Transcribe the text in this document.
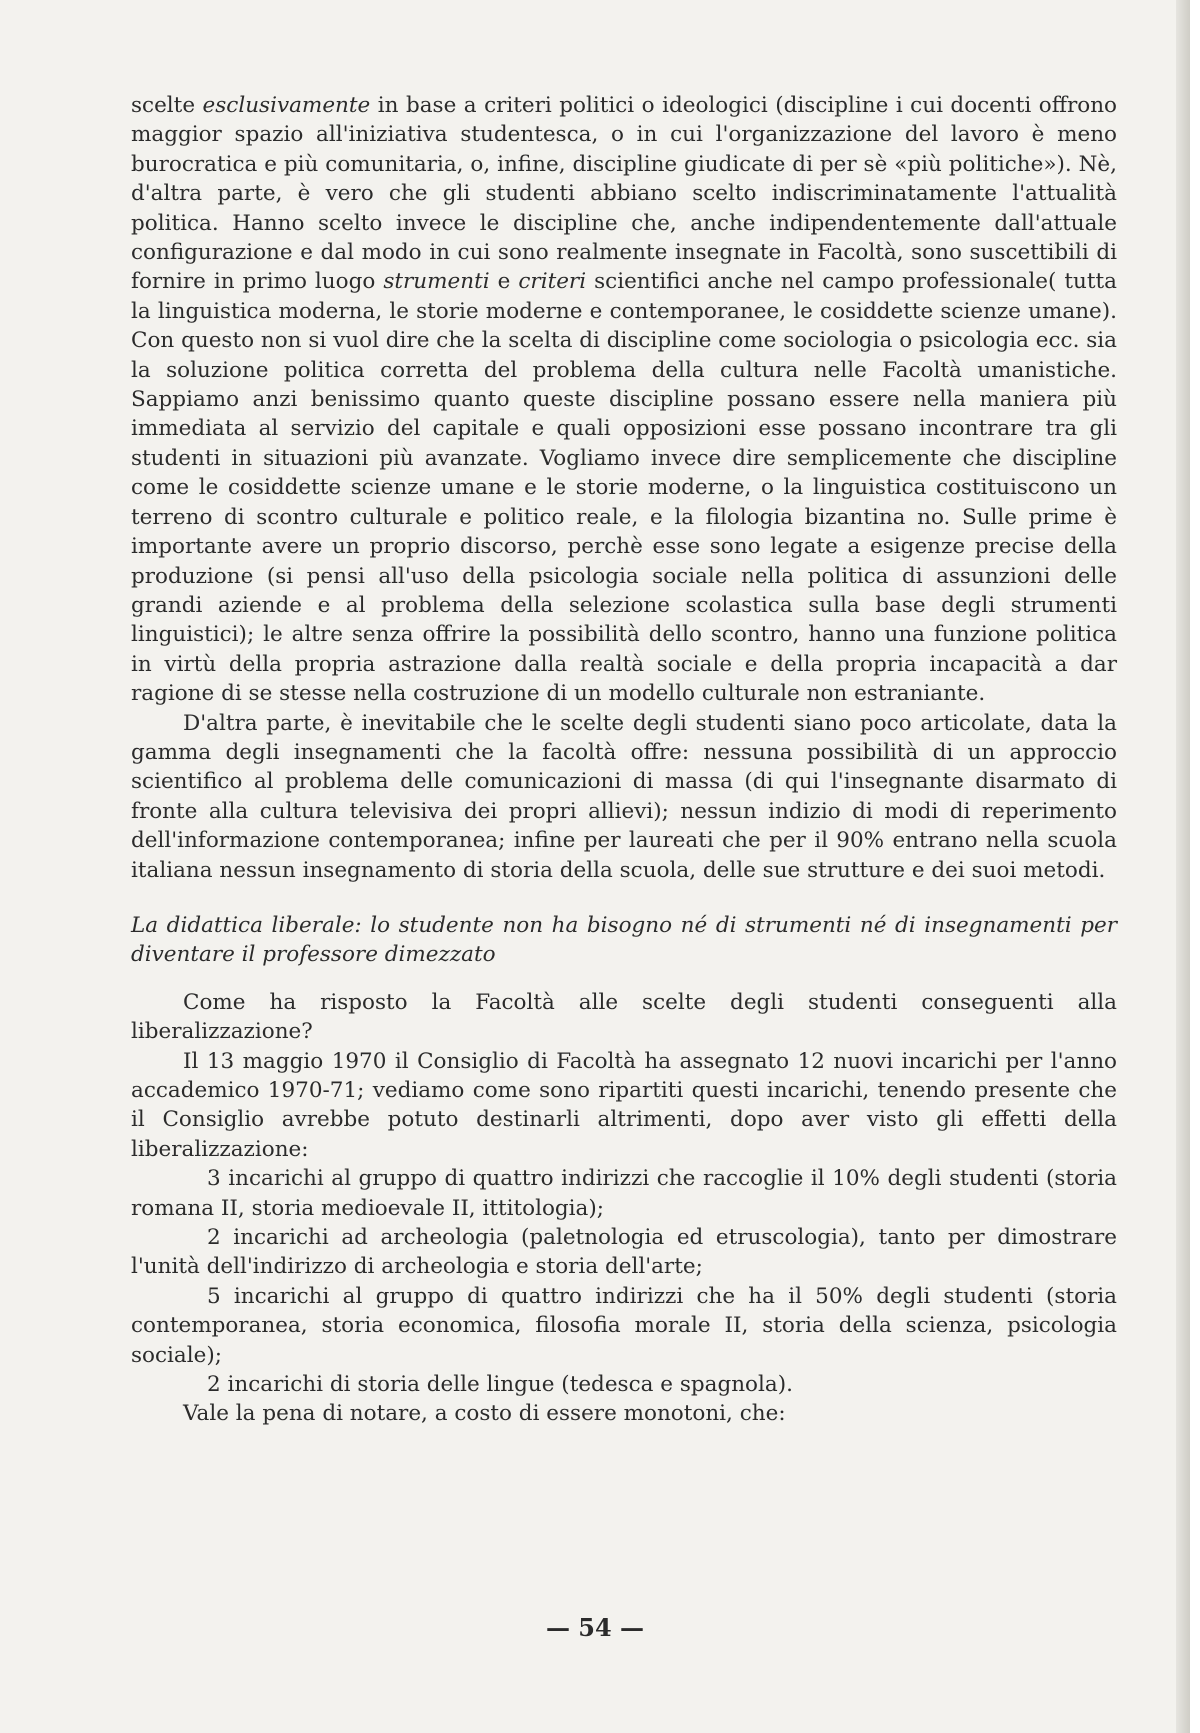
scelte esclusivamente in base a criteri politici o ideologici (discipline i cui docenti offrono maggior spazio all'iniziativa studentesca, o in cui l'organizzazione del lavoro è meno burocratica e più comunitaria, o, infine, discipline giudicate di per sè «più politiche»). Nè, d'altra parte, è vero che gli studenti abbiano scelto indiscriminatamente l'attualità politica. Hanno scelto invece le discipline che, anche indipendentemente dall'attuale configurazione e dal modo in cui sono realmente insegnate in Facoltà, sono suscettibili di fornire in primo luogo strumenti e criteri scientifici anche nel campo professionale( tutta la linguistica moderna, le storie moderne e contemporanee, le cosiddette scienze umane). Con questo non si vuol dire che la scelta di discipline come sociologia o psicologia ecc. sia la soluzione politica corretta del problema della cultura nelle Facoltà umanistiche. Sappiamo anzi benissimo quanto queste discipline possano essere nella maniera più immediata al servizio del capitale e quali opposizioni esse possano incontrare tra gli studenti in situazioni più avanzate. Vogliamo invece dire semplicemente che discipline come le cosiddette scienze umane e le storie moderne, o la linguistica costituiscono un terreno di scontro culturale e politico reale, e la filologia bizantina no. Sulle prime è importante avere un proprio discorso, perchè esse sono legate a esigenze precise della produzione (si pensi all'uso della psicologia sociale nella politica di assunzioni delle grandi aziende e al problema della selezione scolastica sulla base degli strumenti linguistici); le altre senza offrire la possibilità dello scontro, hanno una funzione politica in virtù della propria astrazione dalla realtà sociale e della propria incapacità a dar ragione di se stesse nella costruzione di un modello culturale non estraniante.

D'altra parte, è inevitabile che le scelte degli studenti siano poco articolate, data la gamma degli insegnamenti che la facoltà offre: nessuna possibilità di un approccio scientifico al problema delle comunicazioni di massa (di qui l'insegnante disarmato di fronte alla cultura televisiva dei propri allievi); nessun indizio di modi di reperimento dell'informazione contemporanea; infine per laureati che per il 90% entrano nella scuola italiana nessun insegnamento di storia della scuola, delle sue strutture e dei suoi metodi.

La didattica liberale: lo studente non ha bisogno né di strumenti né di insegnamenti per diventare il professore dimezzato

Come ha risposto la Facoltà alle scelte degli studenti conseguenti alla liberalizzazione?

Il 13 maggio 1970 il Consiglio di Facoltà ha assegnato 12 nuovi incarichi per l'anno accademico 1970-71; vediamo come sono ripartiti questi incarichi, tenendo presente che il Consiglio avrebbe potuto destinarli altrimenti, dopo aver visto gli effetti della liberalizzazione:

3 incarichi al gruppo di quattro indirizzi che raccoglie il 10% degli studenti (storia romana II, storia medioevale II, ittitologia);

2 incarichi ad archeologia (paletnologia ed etruscologia), tanto per dimostrare l'unità dell'indirizzo di archeologia e storia dell'arte;

5 incarichi al gruppo di quattro indirizzi che ha il 50% degli studenti (storia contemporanea, storia economica, filosofia morale II, storia della scienza, psicologia sociale);

2 incarichi di storia delle lingue (tedesca e spagnola).

Vale la pena di notare, a costo di essere monotoni, che:

— 54 —
